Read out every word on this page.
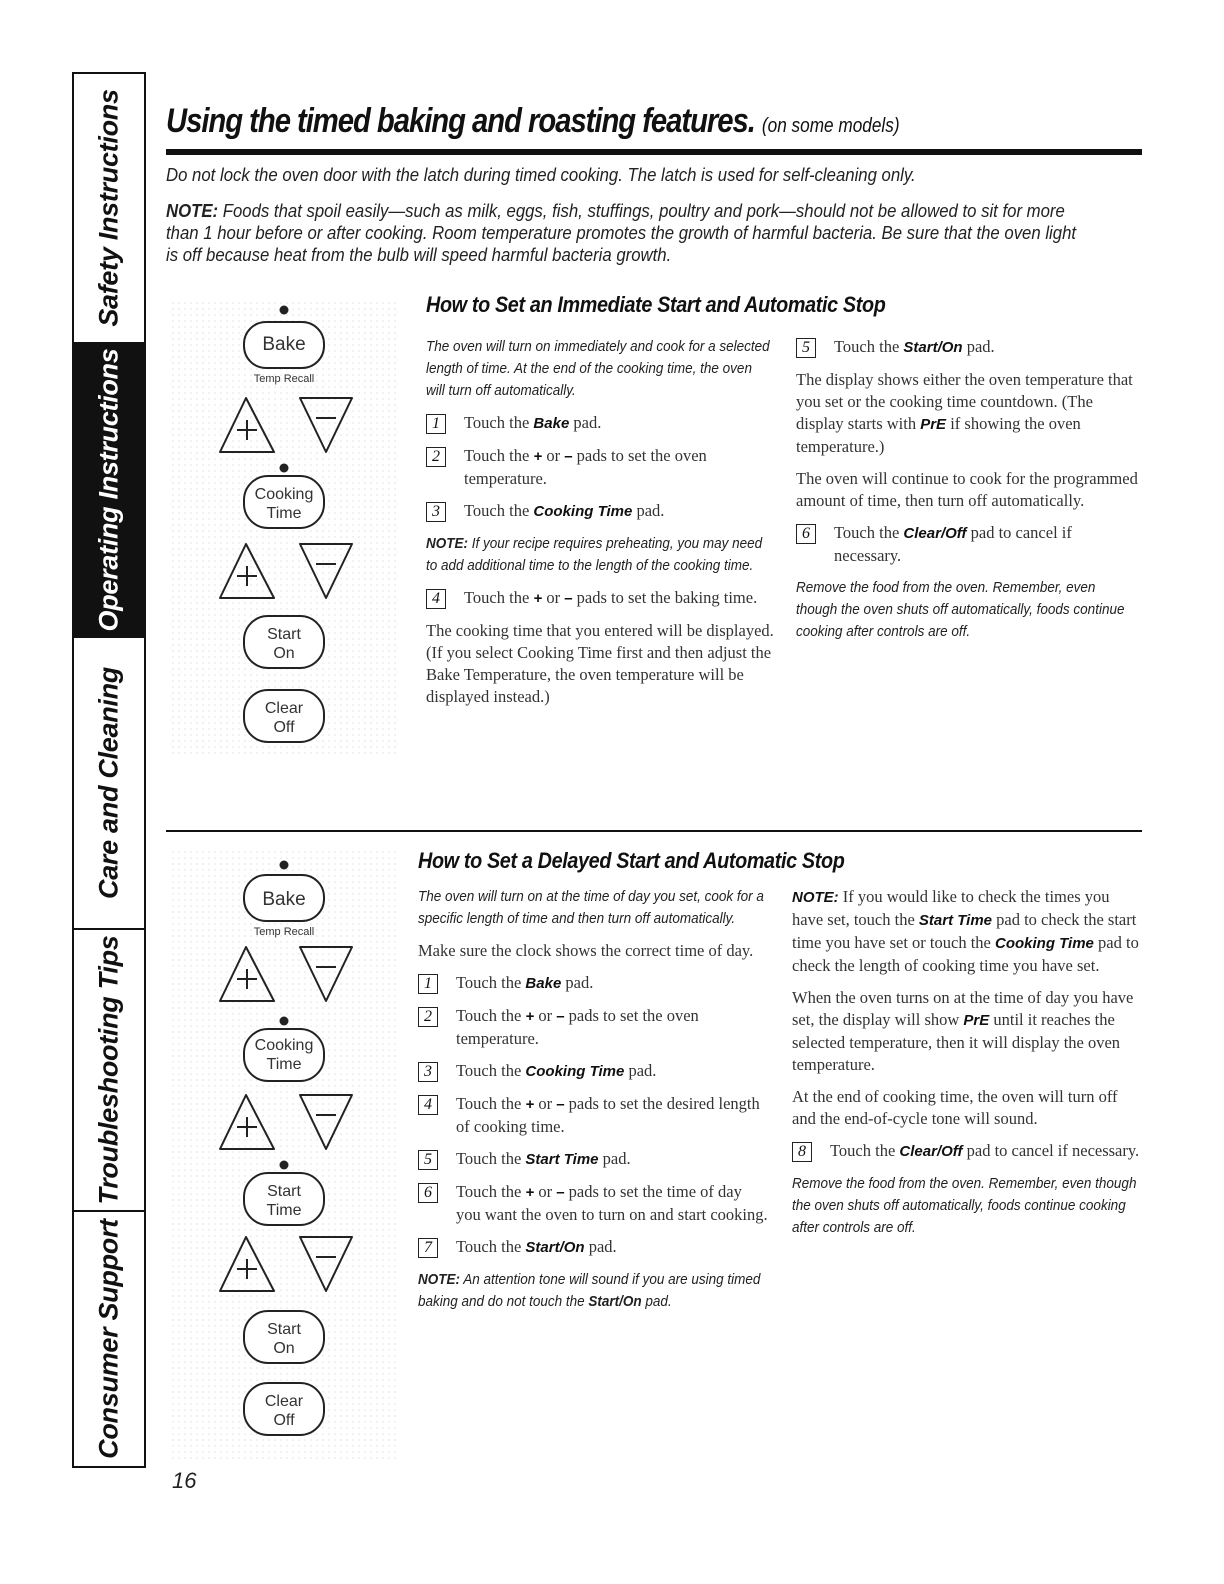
Safety Instructions
Operating Instructions
Care and Cleaning
Troubleshooting Tips
Consumer Support
Using the timed baking and roasting features. (on some models)
Do not lock the oven door with the latch during timed cooking. The latch is used for self-cleaning only.
NOTE: Foods that spoil easily—such as milk, eggs, fish, stuffings, poultry and pork—should not be allowed to sit for more than 1 hour before or after cooking. Room temperature promotes the growth of harmful bacteria. Be sure that the oven light is off because heat from the bulb will speed harmful bacteria growth.
Bake
Temp Recall
Cooking
Time
Start
On
Clear
Off
How to Set an Immediate Start and Automatic Stop
The oven will turn on immediately and cook for a selected length of time. At the end of the cooking time, the oven will turn off automatically.
1	Touch the Bake pad.
2	Touch the + or – pads to set the oven temperature.
3	Touch the Cooking Time pad.
NOTE: If your recipe requires preheating, you may need to add additional time to the length of the cooking time.
4	Touch the + or – pads to set the baking time.
The cooking time that you entered will be displayed. (If you select Cooking Time first and then adjust the Bake Temperature, the oven temperature will be displayed instead.)
5	Touch the Start/On pad.
The display shows either the oven temperature that you set or the cooking time countdown. (The display starts with PrE if showing the oven temperature.)
The oven will continue to cook for the programmed amount of time, then turn off automatically.
6	Touch the Clear/Off pad to cancel if necessary.
Remove the food from the oven. Remember, even though the oven shuts off automatically, foods continue cooking after controls are off.
Bake
Temp Recall
Cooking
Time
Start
Time
Start
On
Clear
Off
How to Set a Delayed Start and Automatic Stop
The oven will turn on at the time of day you set, cook for a specific length of time and then turn off automatically.
Make sure the clock shows the correct time of day.
1	Touch the Bake pad.
2	Touch the + or – pads to set the oven temperature.
3	Touch the Cooking Time pad.
4	Touch the + or – pads to set the desired length of cooking time.
5	Touch the Start Time pad.
6	Touch the + or – pads to set the time of day you want the oven to turn on and start cooking.
7	Touch the Start/On pad.
NOTE: An attention tone will sound if you are using timed baking and do not touch the Start/On pad.
NOTE: If you would like to check the times you have set, touch the Start Time pad to check the start time you have set or touch the Cooking Time pad to check the length of cooking time you have set.
When the oven turns on at the time of day you have set, the display will show PrE until it reaches the selected temperature, then it will display the oven temperature.
At the end of cooking time, the oven will turn off and the end-of-cycle tone will sound.
8	Touch the Clear/Off pad to cancel if necessary.
Remove the food from the oven. Remember, even though the oven shuts off automatically, foods continue cooking after controls are off.
16
